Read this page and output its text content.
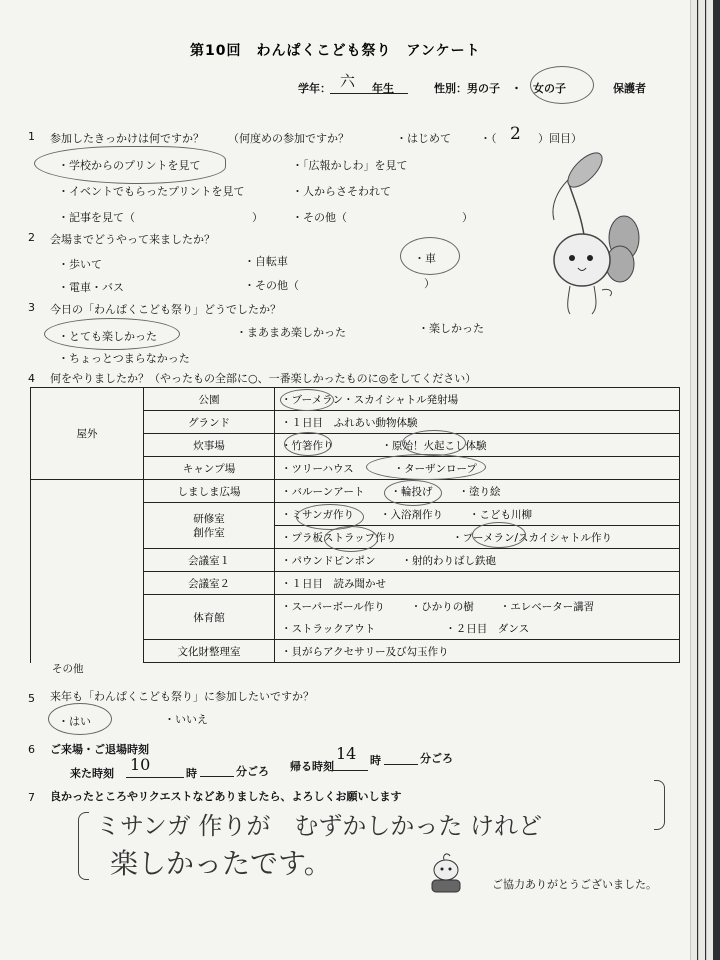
第10回　わんぱくこども祭り　アンケート
学年： 六 年生	性別：男の子　・　女の子	保護者
1 参加したきっかけは何ですか？ （何度めの参加ですか？	・はじめて	・（ 2 ）回目）
・学校からのプリントを見て	・「広報かしわ」を見て
・イベントでもらったプリントを見て	・人からさそわれて
・記事を見て（	）	・その他（	）
2 会場までどうやって来ましたか？
・歩いて	・自転車	・車
・電車・バス	・その他（	）
3 今日の「わんぱくこども祭り」どうでしたか？
・とても楽しかった	・まあまあ楽しかった	・楽しかった
・ちょっとつまらなかった
4 何をやりましたか？（やったもの全部に○、一番楽しかったものに◎をしてください）
屋外	公園	・ブーメラン・スカイシャトル発射場
	グランド	・１日目　ふれあい動物体験
	炊事場	・竹箸作り ・原始！火起こし体験
	キャンプ場	・ツリーハウス ・ターザンロープ
	しましま広場	・バルーンアート ・輪投げ ・塗り絵
	研修室 創作室	・ミサンガ作り ・入浴剤作り ・こども川柳
		・プラ板ストラップ作り ・ブーメラン/スカイシャトル作り
	会議室１	・パウンドピンポン ・射的わりばし鉄砲
	会議室２	・１日目　読み聞かせ
	体育館	・スーパーボール作り ・ひかりの樹 ・エレベーター講習
		・ストラックアウト ・２日目　ダンス
	文化財整理室	・貝がらアクセサリー及び勾玉作り
その他
5 来年も「わんぱくこども祭り」に参加したいですか？
・はい	・いいえ
6 ご来場・ご退場時刻
来た時刻 10	時	分ごろ 帰る時刻
14 時	分ごろ
7 良かったところやリクエストなどありましたら、よろしくお願いします
ミサンガ 作りが　むずかしかった けれど
楽しかったです。
ご協力ありがとうございました。
